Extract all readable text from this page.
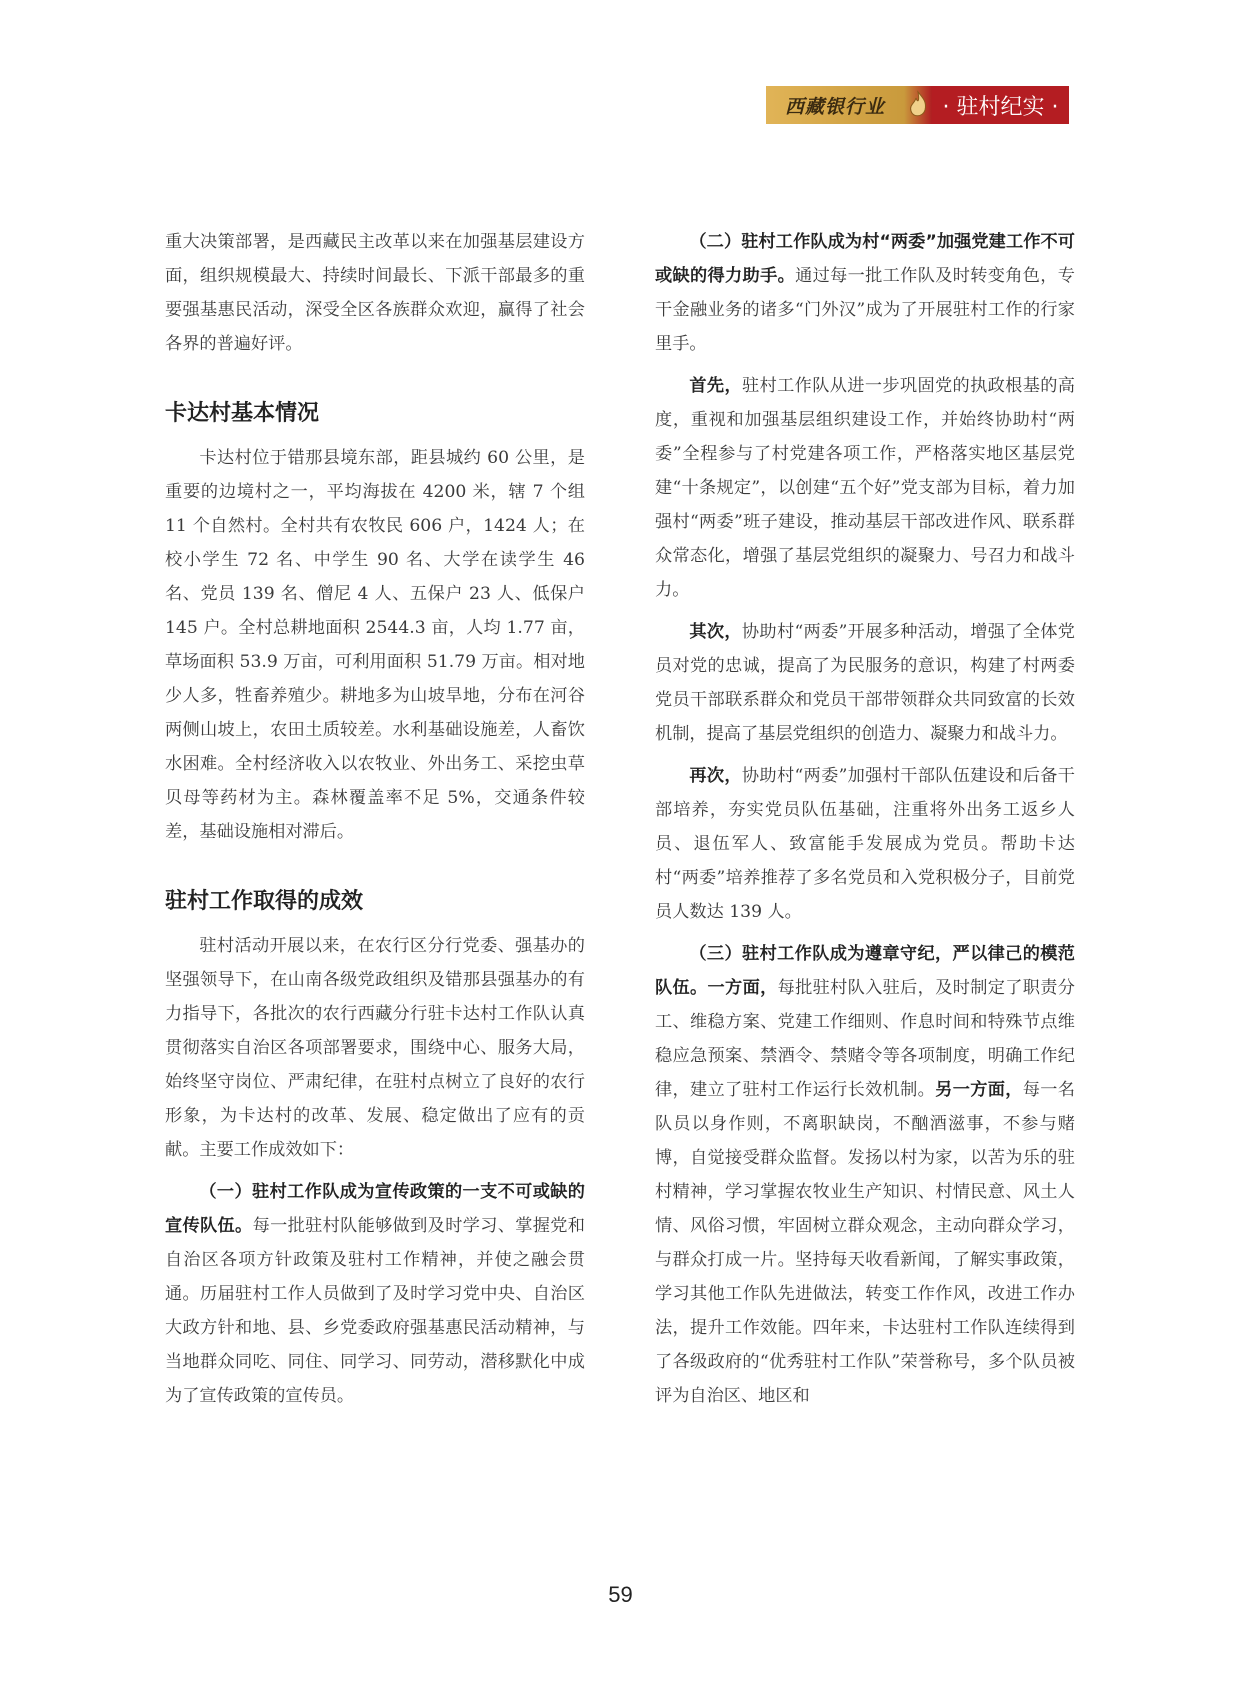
西藏银行业	· 驻村纪实 ·

重大决策部署，是西藏民主改革以来在加强基层建设方面，组织规模最大、持续时间最长、下派干部最多的重要强基惠民活动，深受全区各族群众欢迎，赢得了社会各界的普遍好评。

卡达村基本情况

卡达村位于错那县境东部，距县城约 60 公里，是重要的边境村之一，平均海拔在 4200 米，辖 7 个组 11 个自然村。全村共有农牧民 606 户，1424 人；在校小学生 72 名、中学生 90 名、大学在读学生 46 名、党员 139 名、僧尼 4 人、五保户 23 人、低保户 145 户。全村总耕地面积 2544.3 亩，人均 1.77 亩，草场面积 53.9 万亩，可利用面积 51.79 万亩。相对地少人多，牲畜养殖少。耕地多为山坡旱地，分布在河谷两侧山坡上，农田土质较差。水利基础设施差，人畜饮水困难。全村经济收入以农牧业、外出务工、采挖虫草贝母等药材为主。森林覆盖率不足 5%，交通条件较差，基础设施相对滞后。

驻村工作取得的成效

驻村活动开展以来，在农行区分行党委、强基办的坚强领导下，在山南各级党政组织及错那县强基办的有力指导下，各批次的农行西藏分行驻卡达村工作队认真贯彻落实自治区各项部署要求，围绕中心、服务大局，始终坚守岗位、严肃纪律，在驻村点树立了良好的农行形象，为卡达村的改革、发展、稳定做出了应有的贡献。主要工作成效如下：

（一）驻村工作队成为宣传政策的一支不可或缺的宣传队伍。每一批驻村队能够做到及时学习、掌握党和自治区各项方针政策及驻村工作精神，并使之融会贯通。历届驻村工作人员做到了及时学习党中央、自治区大政方针和地、县、乡党委政府强基惠民活动精神，与当地群众同吃、同住、同学习、同劳动，潜移默化中成为了宣传政策的宣传员。

（二）驻村工作队成为村“两委”加强党建工作不可或缺的得力助手。通过每一批工作队及时转变角色，专干金融业务的诸多“门外汉”成为了开展驻村工作的行家里手。

首先，驻村工作队从进一步巩固党的执政根基的高度，重视和加强基层组织建设工作，并始终协助村“两委”全程参与了村党建各项工作，严格落实地区基层党建“十条规定”，以创建“五个好”党支部为目标，着力加强村“两委”班子建设，推动基层干部改进作风、联系群众常态化，增强了基层党组织的凝聚力、号召力和战斗力。

其次，协助村“两委”开展多种活动，增强了全体党员对党的忠诚，提高了为民服务的意识，构建了村两委党员干部联系群众和党员干部带领群众共同致富的长效机制，提高了基层党组织的创造力、凝聚力和战斗力。

再次，协助村“两委”加强村干部队伍建设和后备干部培养，夯实党员队伍基础，注重将外出务工返乡人员、退伍军人、致富能手发展成为党员。帮助卡达村“两委”培养推荐了多名党员和入党积极分子，目前党员人数达 139 人。

（三）驻村工作队成为遵章守纪，严以律己的模范队伍。一方面，每批驻村队入驻后，及时制定了职责分工、维稳方案、党建工作细则、作息时间和特殊节点维稳应急预案、禁酒令、禁赌令等各项制度，明确工作纪律，建立了驻村工作运行长效机制。另一方面，每一名队员以身作则，不离职缺岗，不酗酒滋事，不参与赌博，自觉接受群众监督。发扬以村为家，以苦为乐的驻村精神，学习掌握农牧业生产知识、村情民意、风土人情、风俗习惯，牢固树立群众观念，主动向群众学习，与群众打成一片。坚持每天收看新闻，了解实事政策，学习其他工作队先进做法，转变工作作风，改进工作办法，提升工作效能。四年来，卡达驻村工作队连续得到了各级政府的“优秀驻村工作队”荣誉称号，多个队员被评为自治区、地区和

59
